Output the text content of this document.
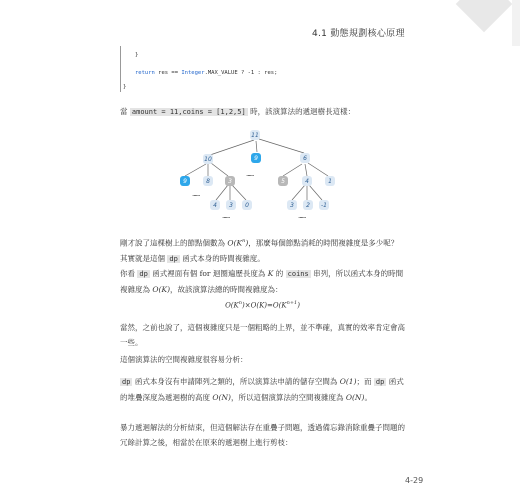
4.1 動態規劃核心原理
}
return res == Integer.MAX_VALUE ? -1 : res;
}
當 amount = 11,coins = [1,2,5] 時，該演算法的遞迴樹長這樣：
11
10	9	6
9	8	3	5	4	1
4	3	0	3	2	-1
......
......
......	......
剛才說了這棵樹上的節點個數為 $O(K^n)$，那麼每個節點消耗的時間複雜度是多少呢？其實就是這個 dp 函式本身的時間複雜度。
你看 dp 函式裡面有個 for 迴圈遍歷長度為 K 的 coins 串列，所以函式本身的時間複雜度為 O(K)，故該演算法總的時間複雜度為：
$O(K^n)\times O(K)=O(K^{n+1})$
當然，之前也說了，這個複雜度只是一個粗略的上界，並不準確，真實的效率肯定會高一些。
這個演算法的空間複雜度很容易分析：
dp 函式本身沒有申請陣列之類的，所以演算法申請的儲存空間為 O(1)；而 dp 函式的堆疊深度為遞迴樹的高度 O(N)，所以這個演算法的空間複雜度為 O(N)。
暴力遞迴解法的分析結束，但這個解法存在重疊子問題，透過備忘錄消除重疊子問題的冗餘計算之後，相當於在原來的遞迴樹上進行剪枝：
4-29
